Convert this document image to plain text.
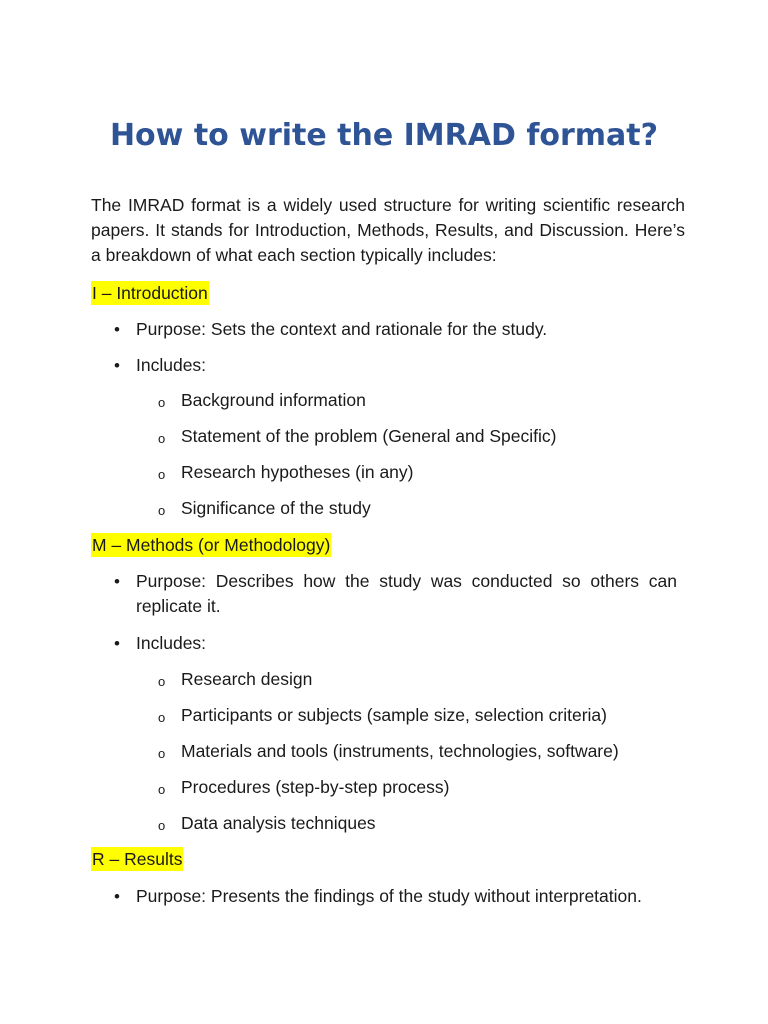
How to write the IMRAD format?

The IMRAD format is a widely used structure for writing scientific research papers. It stands for Introduction, Methods, Results, and Discussion. Here’s a breakdown of what each section typically includes:

I – Introduction
• Purpose: Sets the context and rationale for the study.
• Includes:
o Background information
o Statement of the problem (General and Specific)
o Research hypotheses (in any)
o Significance of the study
M – Methods (or Methodology)
• Purpose: Describes how the study was conducted so others can replicate it.
• Includes:
o Research design
o Participants or subjects (sample size, selection criteria)
o Materials and tools (instruments, technologies, software)
o Procedures (step-by-step process)
o Data analysis techniques
R – Results
• Purpose: Presents the findings of the study without interpretation.
